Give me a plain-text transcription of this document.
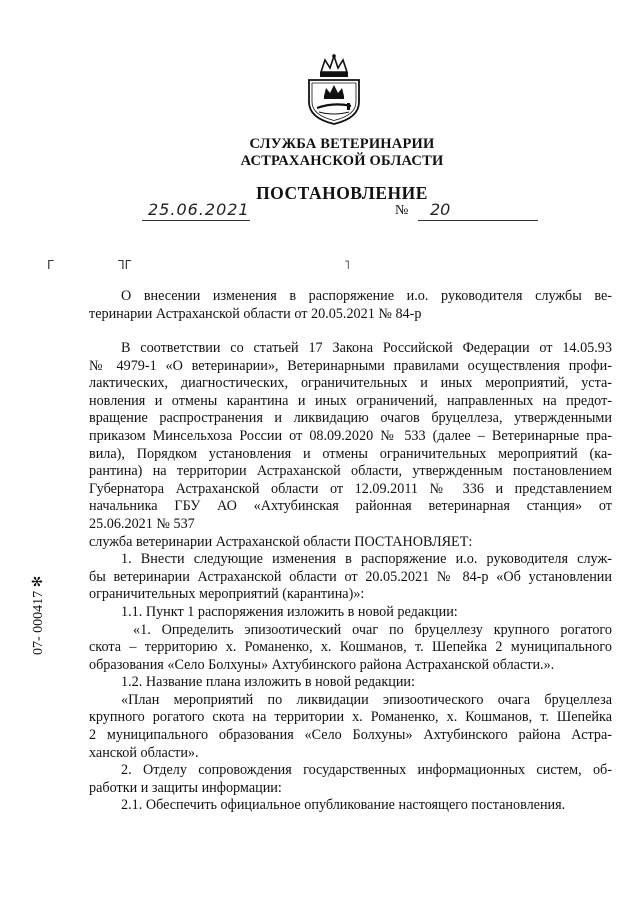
СЛУЖБА ВЕТЕРИНАРИИ
АСТРАХАНСКОЙ ОБЛАСТИ
ПОСТАНОВЛЕНИЕ
25.06.2021	№	20
Г	ꓶГ	˥

О внесении изменения в распоряжение и.о. руководителя службы ве-

теринарии Астраханской области от 20.05.2021 № 84-р

В соответствии со статьей 17 Закона Российской Федерации от 14.05.93

№ 4979-1 «О ветеринарии», Ветеринарными правилами осуществления профи-

лактических, диагностических, ограничительных и иных мероприятий, уста-

новления и отмены карантина и иных ограничений, направленных на предот-

вращение распространения и ликвидацию очагов бруцеллеза, утвержденными

приказом Минсельхоза России от 08.09.2020 № 533 (далее – Ветеринарные пра-

вила), Порядком установления и отмены ограничительных мероприятий (ка-

рантина) на территории Астраханской области, утвержденным постановлением

Губернатора Астраханской области от 12.09.2011 № 336 и представлением

начальника ГБУ АО «Ахтубинская районная ветеринарная станция» от

25.06.2021 № 537

служба ветеринарии Астраханской области ПОСТАНОВЛЯЕТ:

1. Внести следующие изменения в распоряжение и.о. руководителя служ-

бы ветеринарии Астраханской области от 20.05.2021 № 84-р «Об установлении

ограничительных мероприятий (карантина)»:

1.1. Пункт 1 распоряжения изложить в новой редакции:

«1. Определить эпизоотический очаг по бруцеллезу крупного рогатого

скота – территорию х. Романенко, х. Кошманов, т. Шепейка 2 муниципального

образования «Село Болхуны» Ахтубинского района Астраханской области.».

1.2. Название плана изложить в новой редакции:

«План мероприятий по ликвидации эпизоотического очага бруцеллеза

крупного рогатого скота на территории х. Романенко, х. Кошманов, т. Шепейка

2 муниципального образования «Село Болхуны» Ахтубинского района Астра-

ханской области».

2. Отделу сопровождения государственных информационных систем, об-

работки и защиты информации:

2.1. Обеспечить официальное опубликование настоящего постановления.

07- 000417 ✻
